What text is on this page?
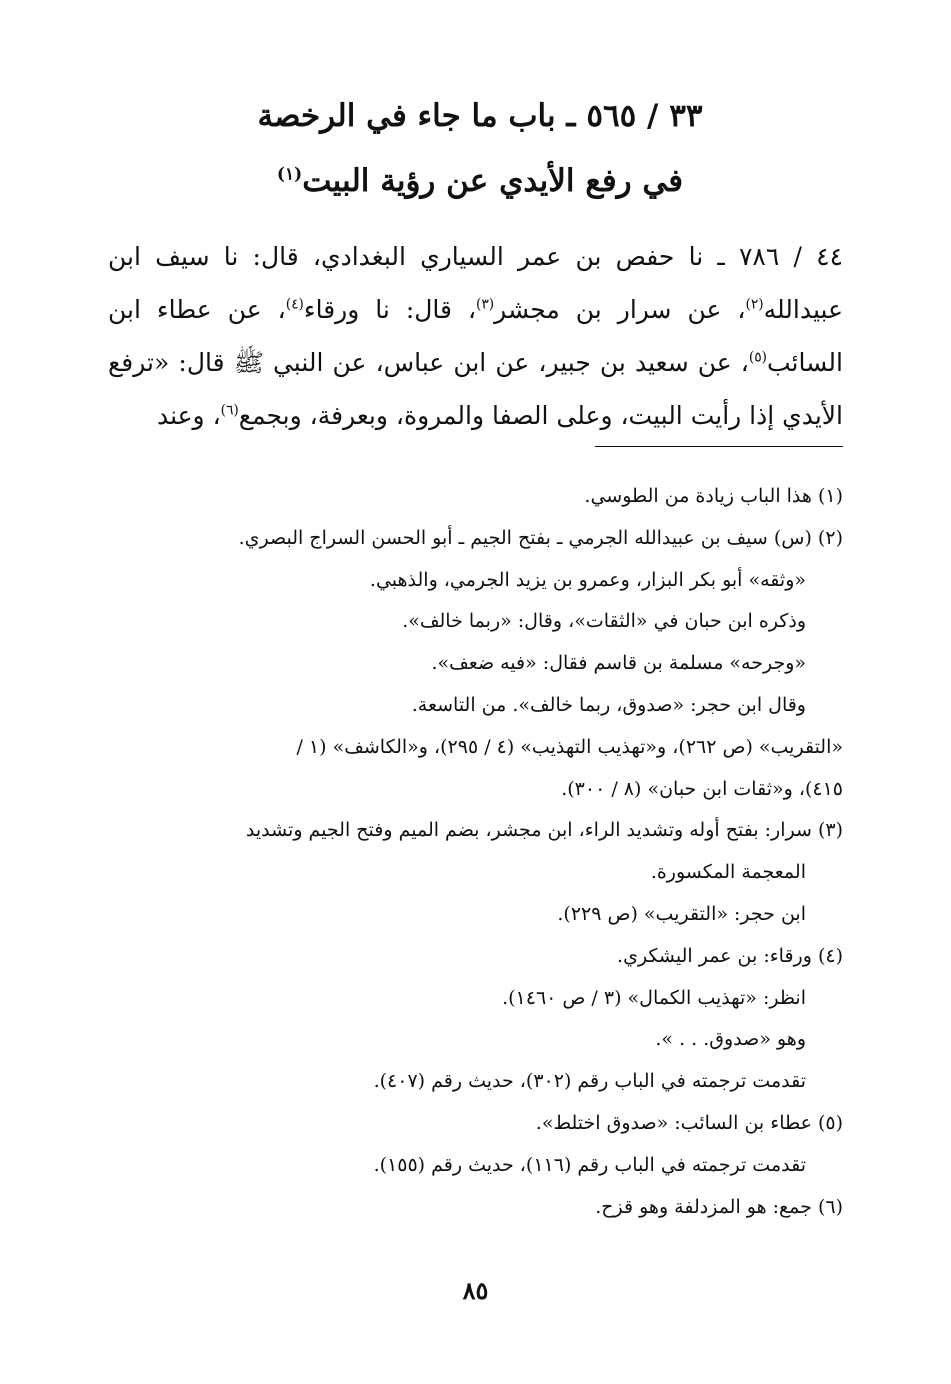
٣٣ / ٥٦٥ ـ باب ما جاء في الرخصة
في رفع الأيدي عن رؤية البيت$^{(١)}$
٤٤ / ٧٨٦ ـ نا حفص بن عمر السياري البغدادي، قال: نا سيف ابن عبيدالله$^{(٢)}$، عن سرار بن مجشر$^{(٣)}$، قال: نا ورقاء$^{(٤)}$، عن عطاء ابن السائب$^{(٥)}$، عن سعيد بن جبير، عن ابن عباس، عن النبي ﷺ قال: «ترفع الأيدي إذا رأيت البيت، وعلى الصفا والمروة، وبعرفة، وبجمع$^{(٦)}$، وعند
(١) هذا الباب زيادة من الطوسي.
(٢) (س) سيف بن عبيدالله الجرمي ـ بفتح الجيم ـ أبو الحسن السراج البصري.
«وثقه» أبو بكر البزار، وعمرو بن يزيد الجرمي، والذهبي.
وذكره ابن حبان في «الثقات»، وقال: «ربما خالف».
«وجرحه» مسلمة بن قاسم فقال: «فيه ضعف».
وقال ابن حجر: «صدوق، ربما خالف». من التاسعة.
«التقريب» (ص ٢٦٢)، و«تهذيب التهذيب» (٤ / ٢٩٥)، و«الكاشف» (١ /
٤١٥)، و«ثقات ابن حبان» (٨ / ٣٠٠).
(٣) سرار: بفتح أوله وتشديد الراء، ابن مجشر، بضم الميم وفتح الجيم وتشديد
المعجمة المكسورة.
ابن حجر: «التقريب» (ص ٢٢٩).
(٤) ورقاء: بن عمر اليشكري.
انظر: «تهذيب الكمال» (٣ / ص ١٤٦٠).
وهو «صدوق. . . ».
تقدمت ترجمته في الباب رقم (٣٠٢)، حديث رقم (٤٠٧).
(٥) عطاء بن السائب: «صدوق اختلط».
تقدمت ترجمته في الباب رقم (١١٦)، حديث رقم (١٥٥).
(٦) جمع: هو المزدلفة وهو قزح.
٨٥
